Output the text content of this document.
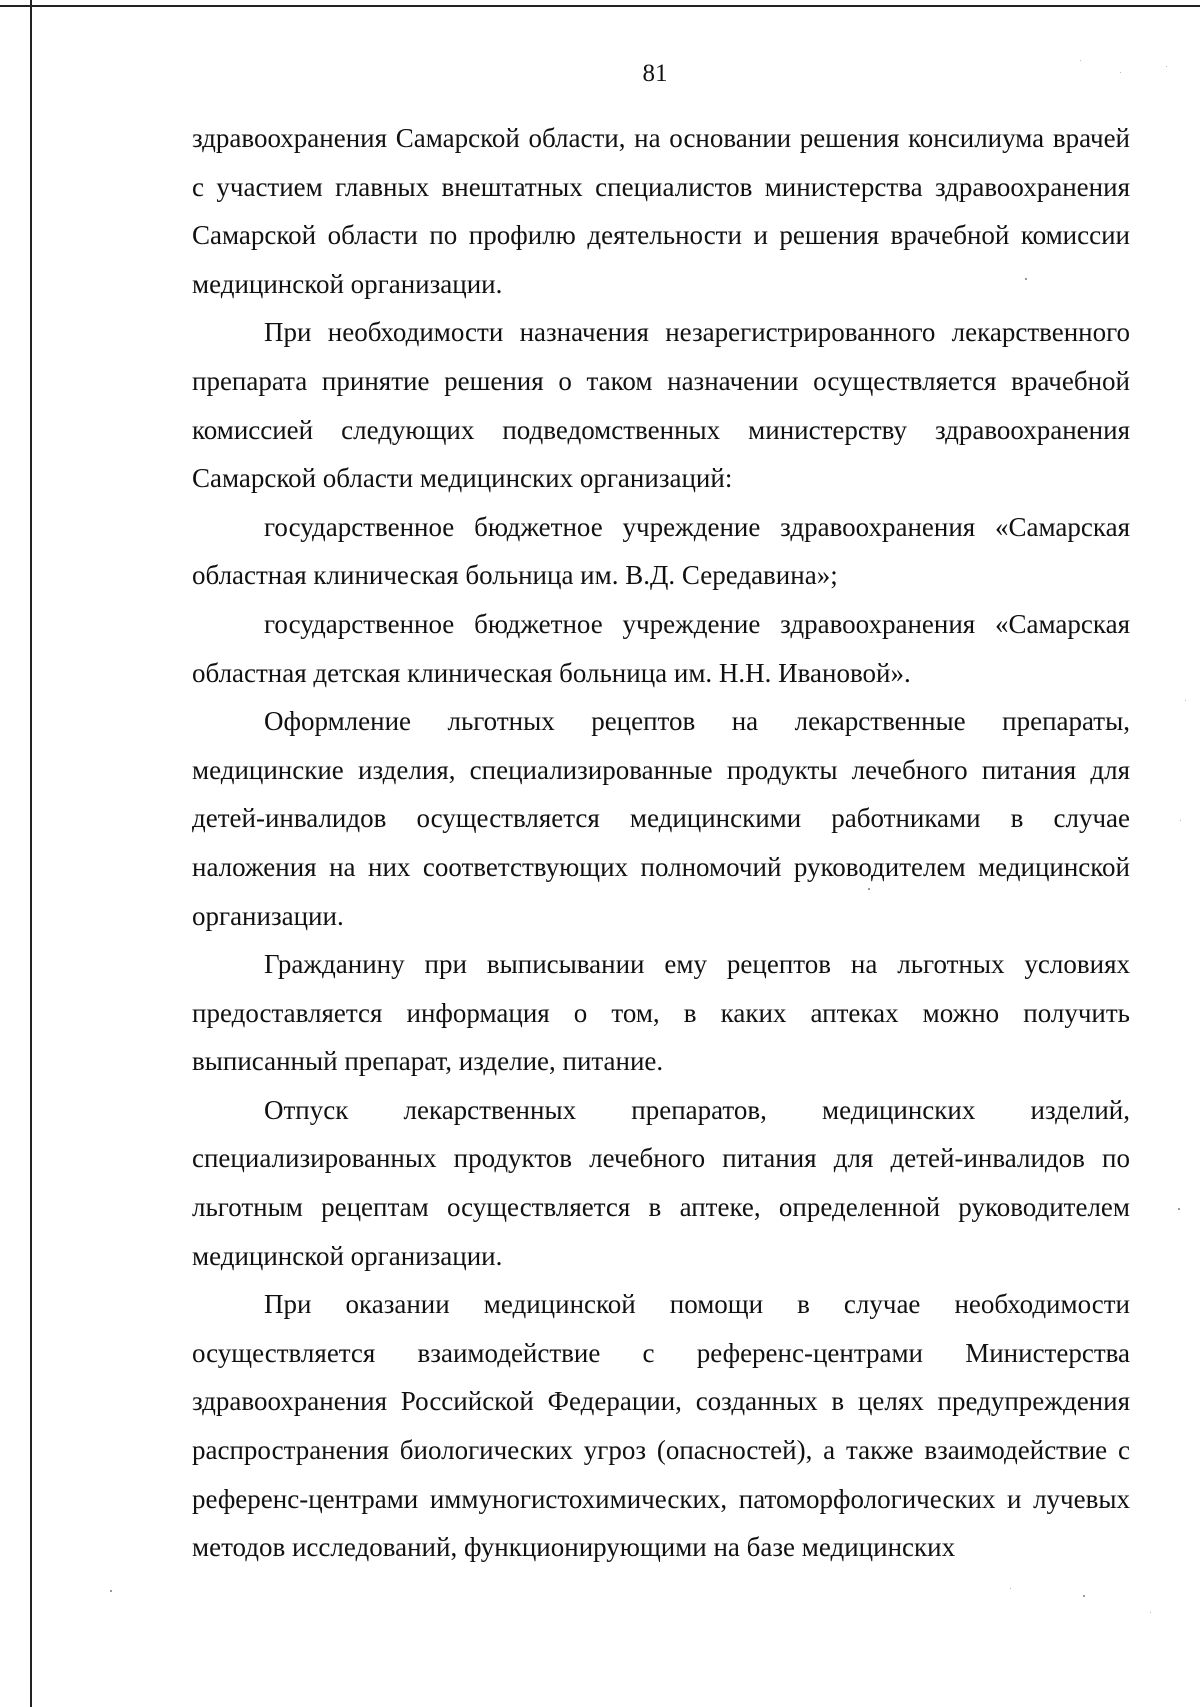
81

здравоохранения Самарской области, на основании решения консилиума врачей с участием главных внештатных специалистов министерства здравоохранения Самарской области по профилю деятельности и решения врачебной комиссии медицинской организации.

При необходимости назначения незарегистрированного лекарственного препарата принятие решения о таком назначении осуществляется врачебной комиссией следующих подведомственных министерству здравоохранения Самарской области медицинских организаций:

государственное бюджетное учреждение здравоохранения «Самарская областная клиническая больница им. В.Д. Середавина»;

государственное бюджетное учреждение здравоохранения «Самарская областная детская клиническая больница им. Н.Н. Ивановой».

Оформление льготных рецептов на лекарственные препараты, медицинские изделия, специализированные продукты лечебного питания для детей-инвалидов осуществляется медицинскими работниками в случае наложения на них соответствующих полномочий руководителем медицинской организации.

Гражданину при выписывании ему рецептов на льготных условиях предоставляется информация о том, в каких аптеках можно получить выписанный препарат, изделие, питание.

Отпуск лекарственных препаратов, медицинских изделий, специализированных продуктов лечебного питания для детей-инвалидов по льготным рецептам осуществляется в аптеке, определенной руководителем медицинской организации.

При оказании медицинской помощи в случае необходимости осуществляется взаимодействие с референс-центрами Министерства здравоохранения Российской Федерации, созданных в целях предупреждения распространения биологических угроз (опасностей), а также взаимодействие с референс-центрами иммуногистохимических, патоморфологических и лучевых методов исследований, функционирующими на базе медицинских
